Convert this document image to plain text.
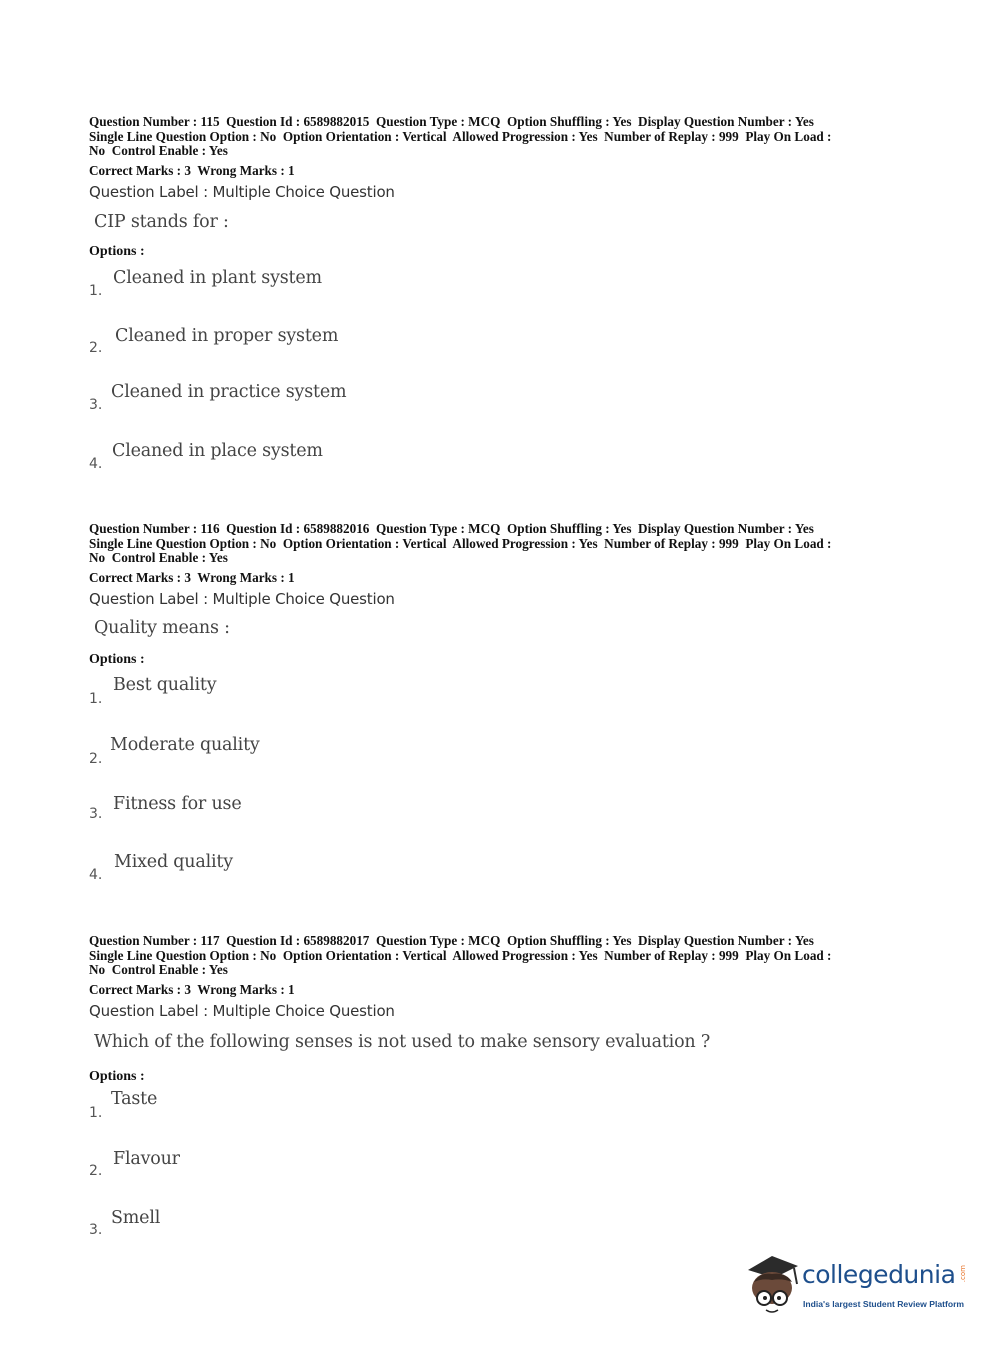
Question Number : 115  Question Id : 6589882015  Question Type : MCQ  Option Shuffling : Yes  Display Question Number : Yes
Single Line Question Option : No  Option Orientation : Vertical  Allowed Progression : Yes  Number of Replay : 999  Play On Load :
No  Control Enable : Yes
Correct Marks : 3  Wrong Marks : 1
Question Label : Multiple Choice Question
CIP stands for :
Options :
1.
Cleaned in plant system
2.
Cleaned in proper system
3.
Cleaned in practice system
4.
Cleaned in place system
Question Number : 116  Question Id : 6589882016  Question Type : MCQ  Option Shuffling : Yes  Display Question Number : Yes
Single Line Question Option : No  Option Orientation : Vertical  Allowed Progression : Yes  Number of Replay : 999  Play On Load :
No  Control Enable : Yes
Correct Marks : 3  Wrong Marks : 1
Question Label : Multiple Choice Question
Quality means :
Options :
1.
Best quality
2.
Moderate quality
3. Fitness for use
4.
Mixed quality
Question Number : 117  Question Id : 6589882017  Question Type : MCQ  Option Shuffling : Yes  Display Question Number : Yes
Single Line Question Option : No  Option Orientation : Vertical  Allowed Progression : Yes  Number of Replay : 999  Play On Load :
No  Control Enable : Yes
Correct Marks : 3  Wrong Marks : 1
Question Label : Multiple Choice Question
Which of the following senses is not used to make sensory evaluation ?
Options :
1.
Taste
2.
Flavour
3.
Smell
collegedunia .com
India's largest Student Review Platform
